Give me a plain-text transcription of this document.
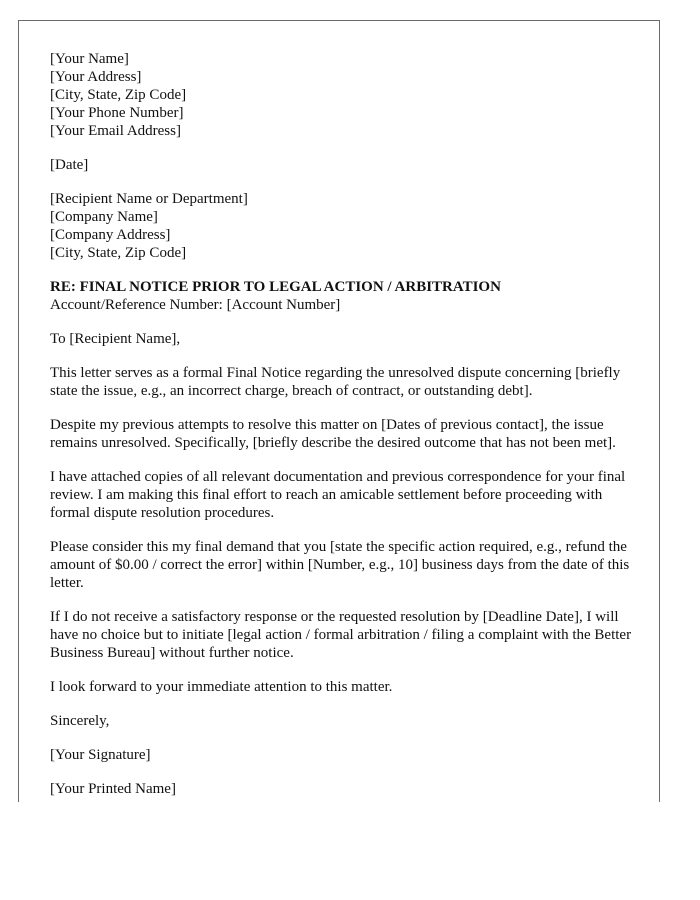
[Your Name]
[Your Address]
[City, State, Zip Code]
[Your Phone Number]
[Your Email Address]
[Date]
[Recipient Name or Department]
[Company Name]
[Company Address]
[City, State, Zip Code]
RE: FINAL NOTICE PRIOR TO LEGAL ACTION / ARBITRATION
Account/Reference Number: [Account Number]

To [Recipient Name],

This letter serves as a formal Final Notice regarding the unresolved dispute concerning [briefly state the issue, e.g., an incorrect charge, breach of contract, or outstanding debt].

Despite my previous attempts to resolve this matter on [Dates of previous contact], the issue remains unresolved. Specifically, [briefly describe the desired outcome that has not been met].

I have attached copies of all relevant documentation and previous correspondence for your final review. I am making this final effort to reach an amicable settlement before proceeding with formal dispute resolution procedures.

Please consider this my final demand that you [state the specific action required, e.g., refund the amount of $0.00 / correct the error] within [Number, e.g., 10] business days from the date of this letter.

If I do not receive a satisfactory response or the requested resolution by [Deadline Date], I will have no choice but to initiate [legal action / formal arbitration / filing a complaint with the Better Business Bureau] without further notice.

I look forward to your immediate attention to this matter.

Sincerely,

[Your Signature]

[Your Printed Name]
